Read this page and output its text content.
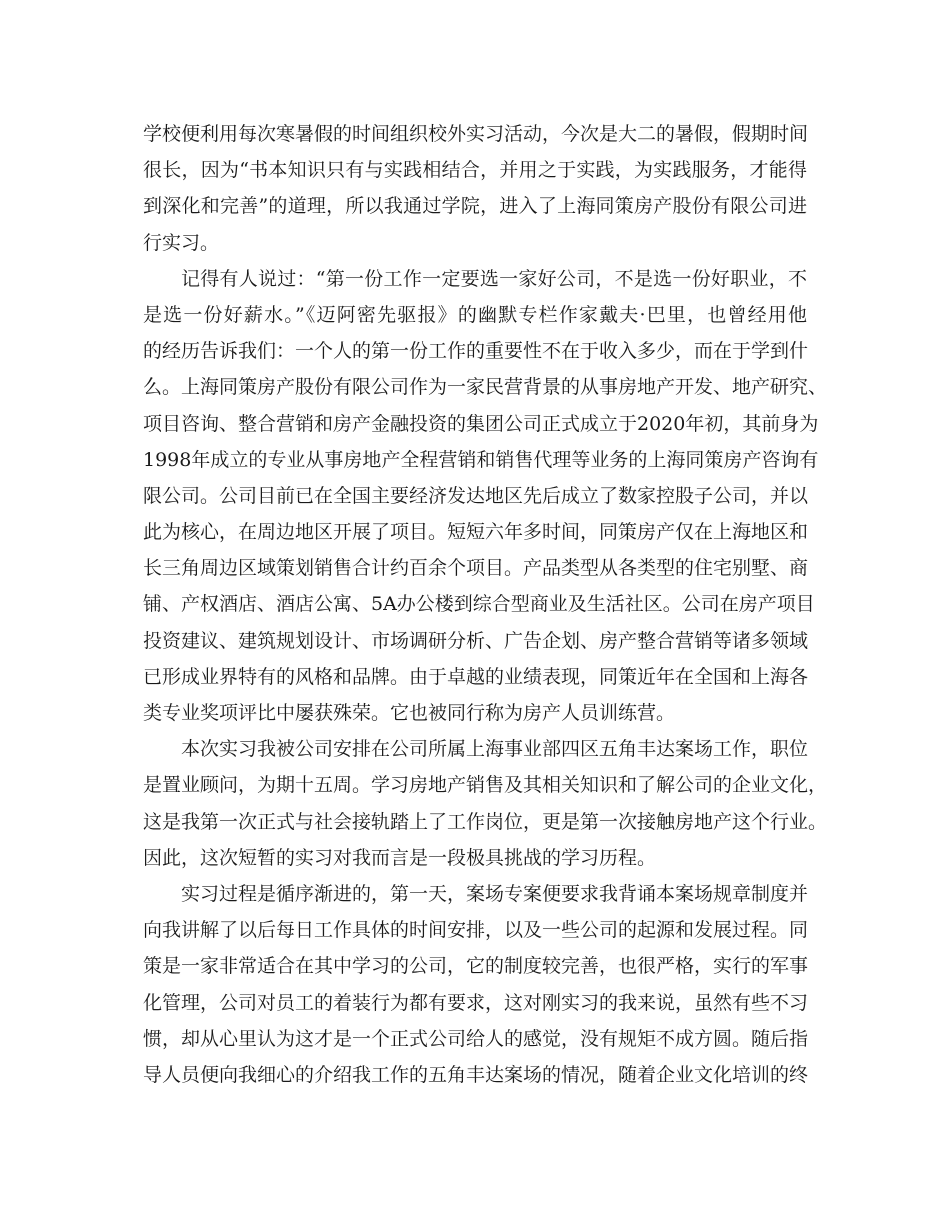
学校便利用每次寒暑假的时间组织校外实习活动，今次是大二的暑假，假期时间
很长，因为“书本知识只有与实践相结合，并用之于实践，为实践服务，才能得
到深化和完善”的道理，所以我通过学院，进入了上海同策房产股份有限公司进
行实习。
记得有人说过：“第一份工作一定要选一家好公司，不是选一份好职业，不
是选一份好薪水。”《迈阿密先驱报》的幽默专栏作家戴夫·巴里，也曾经用他
的经历告诉我们：一个人的第一份工作的重要性不在于收入多少，而在于学到什
么。上海同策房产股份有限公司作为一家民营背景的从事房地产开发、地产研究、
项目咨询、整合营销和房产金融投资的集团公司正式成立于2020年初，其前身为
1998年成立的专业从事房地产全程营销和销售代理等业务的上海同策房产咨询有
限公司。公司目前已在全国主要经济发达地区先后成立了数家控股子公司，并以
此为核心，在周边地区开展了项目。短短六年多时间，同策房产仅在上海地区和
长三角周边区域策划销售合计约百余个项目。产品类型从各类型的住宅别墅、商
铺、产权酒店、酒店公寓、5A办公楼到综合型商业及生活社区。公司在房产项目
投资建议、建筑规划设计、市场调研分析、广告企划、房产整合营销等诸多领域
已形成业界特有的风格和品牌。由于卓越的业绩表现，同策近年在全国和上海各
类专业奖项评比中屡获殊荣。它也被同行称为房产人员训练营。
本次实习我被公司安排在公司所属上海事业部四区五角丰达案场工作，职位
是置业顾问，为期十五周。学习房地产销售及其相关知识和了解公司的企业文化，
这是我第一次正式与社会接轨踏上了工作岗位，更是第一次接触房地产这个行业。
因此，这次短暂的实习对我而言是一段极具挑战的学习历程。
实习过程是循序渐进的，第一天，案场专案便要求我背诵本案场规章制度并
向我讲解了以后每日工作具体的时间安排，以及一些公司的起源和发展过程。同
策是一家非常适合在其中学习的公司，它的制度较完善，也很严格，实行的军事
化管理，公司对员工的着装行为都有要求，这对刚实习的我来说，虽然有些不习
惯，却从心里认为这才是一个正式公司给人的感觉，没有规矩不成方圆。随后指
导人员便向我细心的介绍我工作的五角丰达案场的情况，随着企业文化培训的终
